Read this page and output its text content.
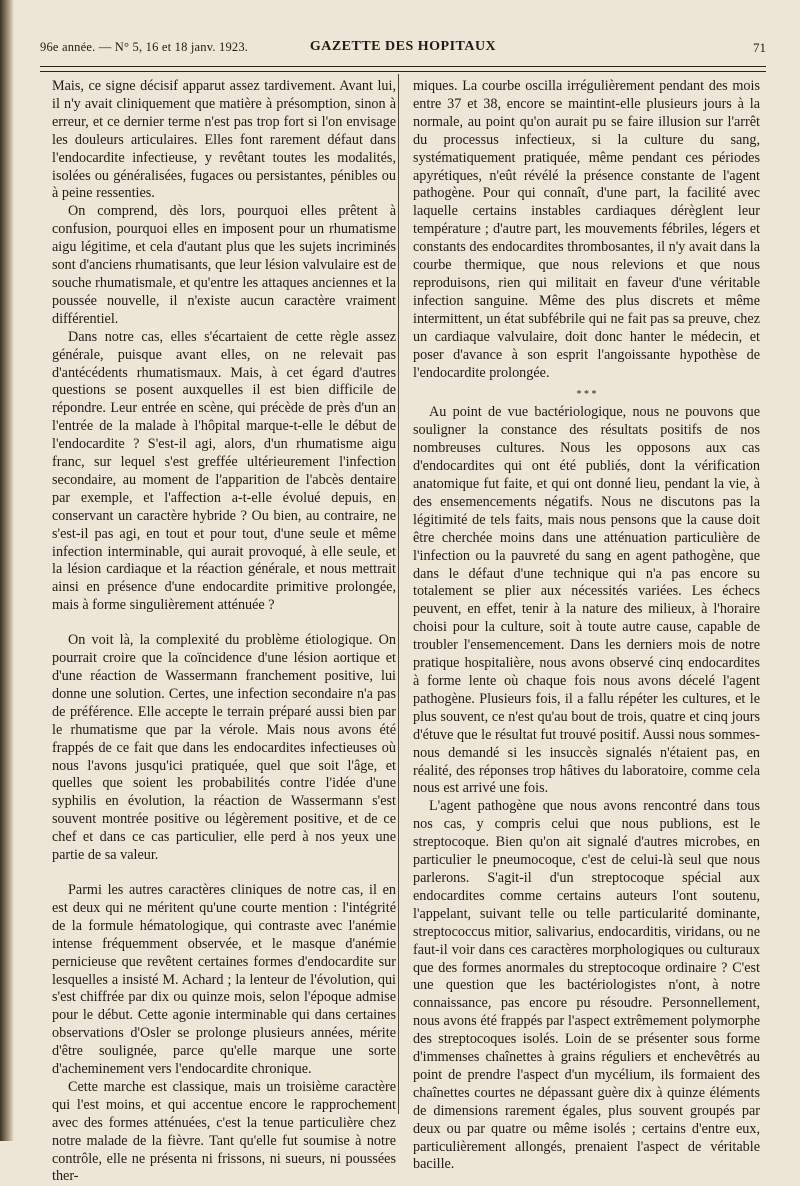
96e année. — N° 5, 16 et 18 janv. 1923.	GAZETTE DES HOPITAUX	71

Mais, ce signe décisif apparut assez tardivement. Avant lui, il n'y avait cliniquement que matière à présomption, sinon à erreur, et ce dernier terme n'est pas trop fort si l'on envisage les douleurs articulaires. Elles font rarement défaut dans l'endocardite infectieuse, y revêtant toutes les modalités, isolées ou généralisées, fugaces ou persistantes, pénibles ou à peine ressenties.

On comprend, dès lors, pourquoi elles prêtent à confusion, pourquoi elles en imposent pour un rhumatisme aigu légitime, et cela d'autant plus que les sujets incriminés sont d'anciens rhumatisants, que leur lésion valvulaire est de souche rhumatismale, et qu'entre les attaques anciennes et la poussée nouvelle, il n'existe aucun caractère vraiment différentiel.

Dans notre cas, elles s'écartaient de cette règle assez générale, puisque avant elles, on ne relevait pas d'antécédents rhumatismaux. Mais, à cet égard d'autres questions se posent auxquelles il est bien difficile de répondre. Leur entrée en scène, qui précède de près d'un an l'entrée de la malade à l'hôpital marque-t-elle le début de l'endocardite ? S'est-il agi, alors, d'un rhumatisme aigu franc, sur lequel s'est greffée ultérieurement l'infection secondaire, au moment de l'apparition de l'abcès dentaire par exemple, et l'affection a-t-elle évolué depuis, en conservant un caractère hybride ? Ou bien, au contraire, ne s'est-il pas agi, en tout et pour tout, d'une seule et même infection interminable, qui aurait provoqué, à elle seule, et la lésion cardiaque et la réaction générale, et nous mettrait ainsi en présence d'une endocardite primitive prolongée, mais à forme singulièrement atténuée ?

On voit là, la complexité du problème étiologique. On pourrait croire que la coïncidence d'une lésion aortique et d'une réaction de Wassermann franchement positive, lui donne une solution. Certes, une infection secondaire n'a pas de préférence. Elle accepte le terrain préparé aussi bien par le rhumatisme que par la vérole. Mais nous avons été frappés de ce fait que dans les endocardites infectieuses où nous l'avons jusqu'ici pratiquée, quel que soit l'âge, et quelles que soient les probabilités contre l'idée d'une syphilis en évolution, la réaction de Wassermann s'est souvent montrée positive ou légèrement positive, et de ce chef et dans ce cas particulier, elle perd à nos yeux une partie de sa valeur.

Parmi les autres caractères cliniques de notre cas, il en est deux qui ne méritent qu'une courte mention : l'intégrité de la formule hématologique, qui contraste avec l'anémie intense fréquemment observée, et le masque d'anémie pernicieuse que revêtent certaines formes d'endocardite sur lesquelles a insisté M. Achard ; la lenteur de l'évolution, qui s'est chiffrée par dix ou quinze mois, selon l'époque admise pour le début. Cette agonie interminable qui dans certaines observations d'Osler se prolonge plusieurs années, mérite d'être soulignée, parce qu'elle marque une sorte d'acheminement vers l'endocardite chronique.

Cette marche est classique, mais un troisième caractère qui l'est moins, et qui accentue encore le rapprochement avec des formes atténuées, c'est la tenue particulière chez notre malade de la fièvre. Tant qu'elle fut soumise à notre contrôle, elle ne présenta ni frissons, ni sueurs, ni poussées ther-

miques. La courbe oscilla irrégulièrement pendant des mois entre 37 et 38, encore se maintint-elle plusieurs jours à la normale, au point qu'on aurait pu se faire illusion sur l'arrêt du processus infectieux, si la culture du sang, systématiquement pratiquée, même pendant ces périodes apyrétiques, n'eût révélé la présence constante de l'agent pathogène. Pour qui connaît, d'une part, la facilité avec laquelle certains instables cardiaques dérèglent leur température ; d'autre part, les mouvements fébriles, légers et constants des endocardites thrombosantes, il n'y avait dans la courbe thermique, que nous relevions et que nous reproduisons, rien qui militait en faveur d'une véritable infection sanguine. Même des plus discrets et même intermittent, un état subfébrile qui ne fait pas sa preuve, chez un cardiaque valvulaire, doit donc hanter le médecin, et poser d'avance à son esprit l'angoissante hypothèse de l'endocardite prolongée.

* * *

Au point de vue bactériologique, nous ne pouvons que souligner la constance des résultats positifs de nos nombreuses cultures. Nous les opposons aux cas d'endocardites qui ont été publiés, dont la vérification anatomique fut faite, et qui ont donné lieu, pendant la vie, à des ensemencements négatifs. Nous ne discutons pas la légitimité de tels faits, mais nous pensons que la cause doit être cherchée moins dans une atténuation particulière de l'infection ou la pauvreté du sang en agent pathogène, que dans le défaut d'une technique qui n'a pas encore su totalement se plier aux nécessités variées. Les échecs peuvent, en effet, tenir à la nature des milieux, à l'horaire choisi pour la culture, soit à toute autre cause, capable de troubler l'ensemencement. Dans les derniers mois de notre pratique hospitalière, nous avons observé cinq endocardites à forme lente où chaque fois nous avons décelé l'agent pathogène. Plusieurs fois, il a fallu répéter les cultures, et le plus souvent, ce n'est qu'au bout de trois, quatre et cinq jours d'étuve que le résultat fut trouvé positif. Aussi nous sommes-nous demandé si les insuccès signalés n'étaient pas, en réalité, des réponses trop hâtives du laboratoire, comme cela nous est arrivé une fois.

L'agent pathogène que nous avons rencontré dans tous nos cas, y compris celui que nous publions, est le streptocoque. Bien qu'on ait signalé d'autres microbes, en particulier le pneumocoque, c'est de celui-là seul que nous parlerons. S'agit-il d'un streptocoque spécial aux endocardites comme certains auteurs l'ont soutenu, l'appelant, suivant telle ou telle particularité dominante, streptococcus mitior, salivarius, endocarditis, viridans, ou ne faut-il voir dans ces caractères morphologiques ou culturaux que des formes anormales du streptocoque ordinaire ? C'est une question que les bactériologistes n'ont, à notre connaissance, pas encore pu résoudre. Personnellement, nous avons été frappés par l'aspect extrêmement polymorphe des streptocoques isolés. Loin de se présenter sous forme d'immenses chaînettes à grains réguliers et enchevêtrés au point de prendre l'aspect d'un mycélium, ils formaient des chaînettes courtes ne dépassant guère dix à quinze éléments de dimensions rarement égales, plus souvent groupés par deux ou par quatre ou même isolés ; certains d'entre eux, particulièrement allongés, prenaient l'aspect de véritable bacille.
